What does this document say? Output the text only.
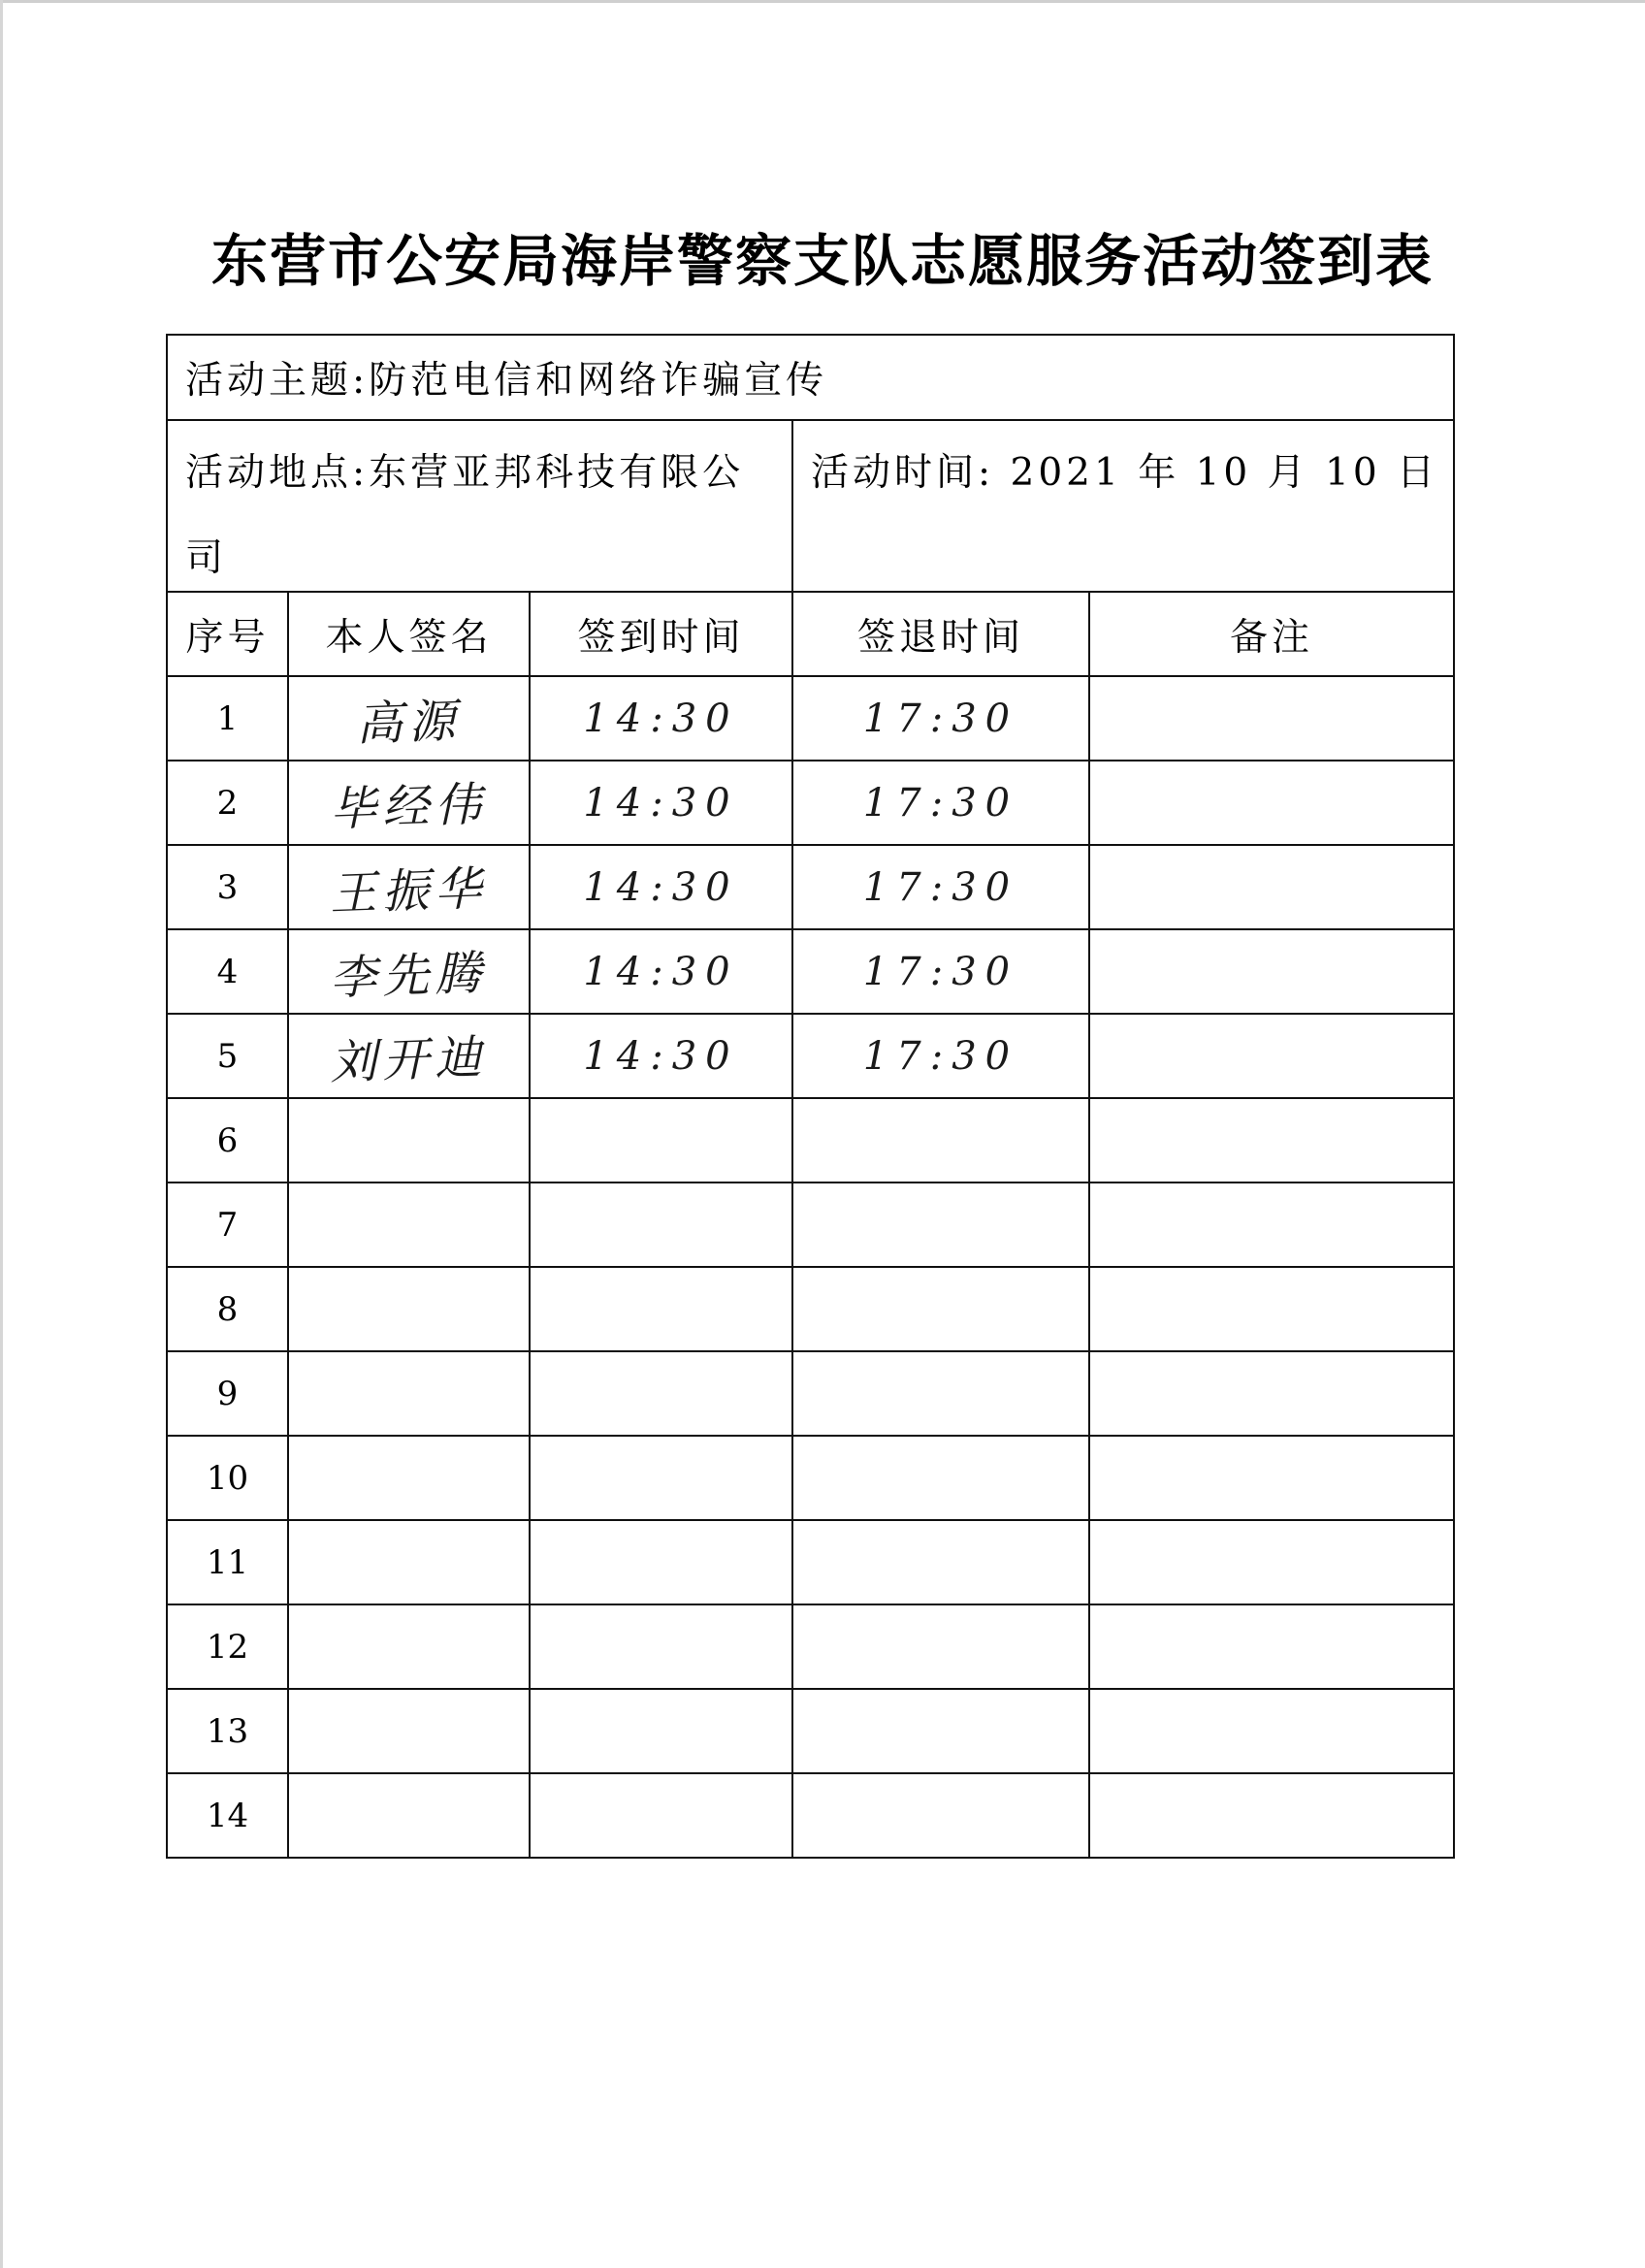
东营市公安局海岸警察支队志愿服务活动签到表
活动主题: 防范电信和网络诈骗宣传
活动地点:东营亚邦科技有限公司
活动时间: 2021 年 10 月 10 日
序号	本人签名	签到时间	签退时间	备注
1	高源	14:30	17:30	
2	毕经伟	14:30	17:30	
3	王振华	14:30	17:30	
4	李先腾	14:30	17:30	
5	刘开迪	14:30	17:30	
6				
7				
8				
9				
10				
11				
12				
13				
14				
